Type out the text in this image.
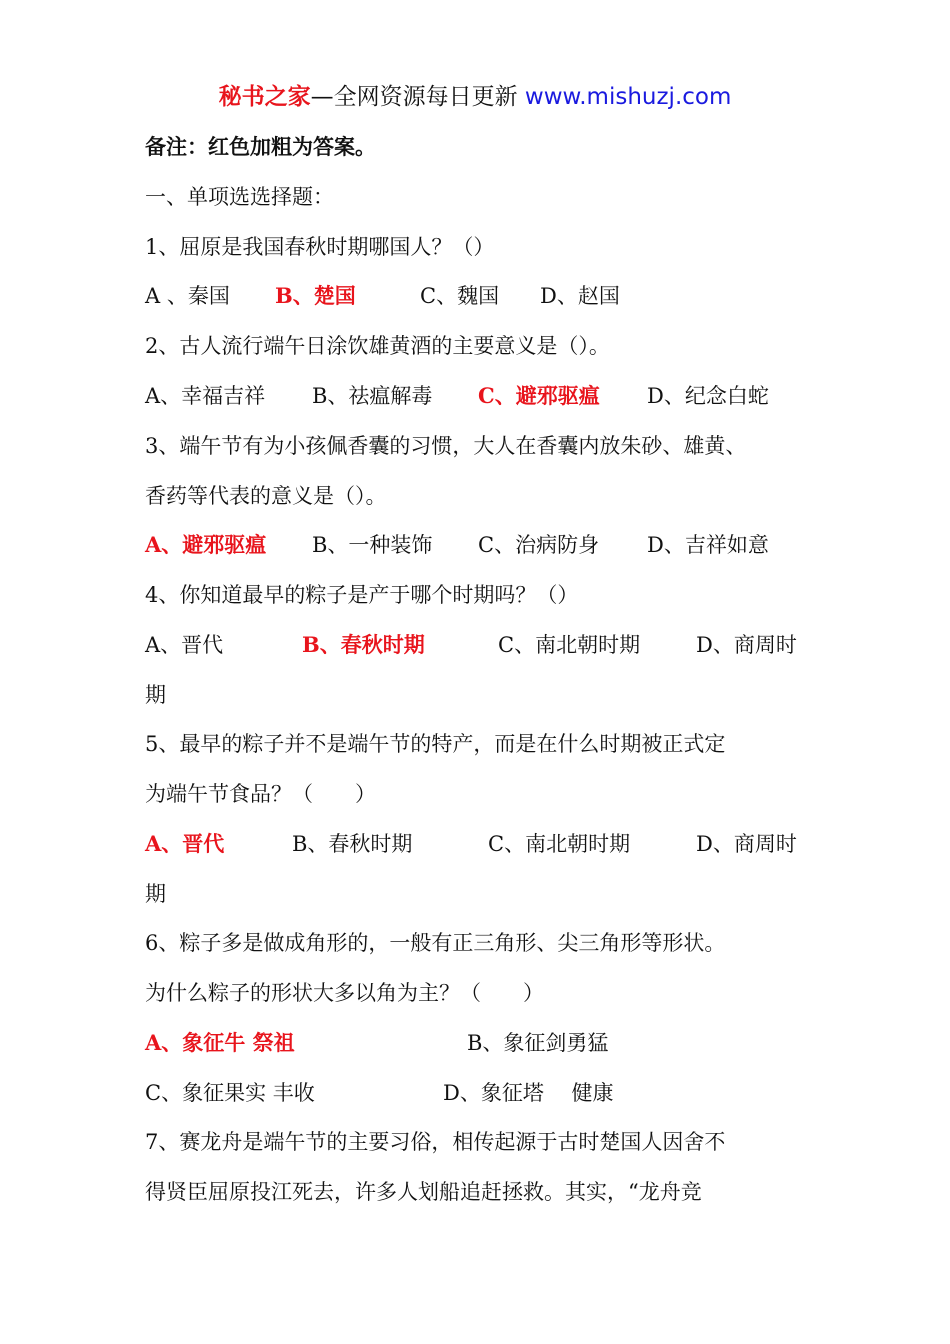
秘书之家—全网资源每日更新 www.mishuzj.com
备注：红色加粗为答案。
一、单项选选择题：
1、屈原是我国春秋时期哪国人？（）
A 、秦国 B、楚国	C、魏国 D、赵国
2、古人流行端午日涂饮雄黄酒的主要意义是（）。
A、幸福吉祥 B、祛瘟解毒 C、避邪驱瘟 D、纪念白蛇
3、端午节有为小孩佩香囊的习惯，大人在香囊内放朱砂、雄黄、
香药等代表的意义是（）。
A、避邪驱瘟 B、一种装饰 C、治病防身 D、吉祥如意
4、你知道最早的粽子是产于哪个时期吗？（）
A、晋代	B、春秋时期	C、南北朝时期	D、商周时
期
5、最早的粽子并不是端午节的特产，而是在什么时期被正式定
为端午节食品？（　　）
A、晋代	B、春秋时期	C、南北朝时期	D、商周时
期
6、粽子多是做成角形的，一般有正三角形、尖三角形等形状。
为什么粽子的形状大多以角为主？（　　）
A、象征牛 祭祖	B、象征剑勇猛
C、象征果实 丰收	D、象征塔　 健康
7、赛龙舟是端午节的主要习俗，相传起源于古时楚国人因舍不
得贤臣屈原投江死去，许多人划船追赶拯救。其实，“龙舟竞
